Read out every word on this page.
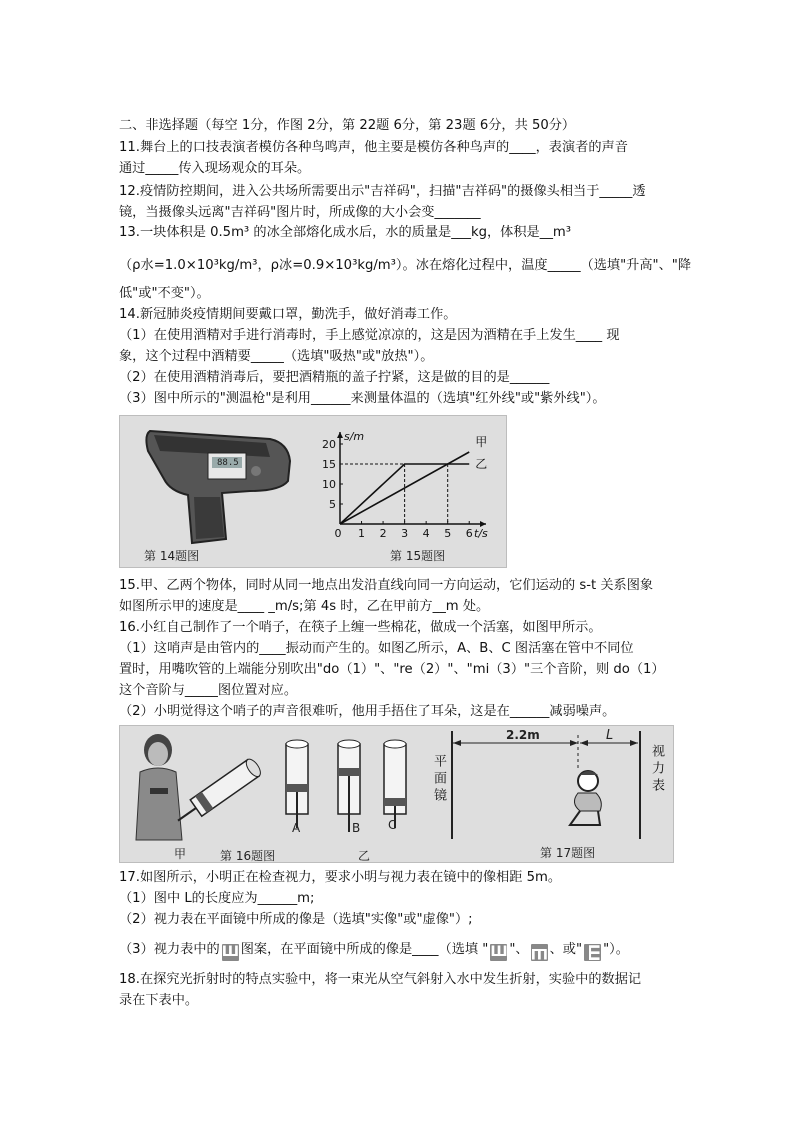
二、非选择题（每空 1分，作图 2分，第 22题 6分，第 23题 6分，共 50分）
11.舞台上的口技表演者模仿各种鸟鸣声，他主要是模仿各种鸟声的____，表演者的声音
通过_____传入现场观众的耳朵。
12.疫情防控期间，进入公共场所需要出示"吉祥码"，扫描"吉祥码"的摄像头相当于_____透
镜，当摄像头远离"吉祥码"图片时，所成像的大小会变_______
13.一块体积是 0.5m³ 的冰全部熔化成水后，水的质量是___kg，体积是__m³
（ρ水=1.0×10³kg/m³，ρ冰=0.9×10³kg/m³）。冰在熔化过程中，温度_____（选填"升高"、"降
低"或"不变"）。
14.新冠肺炎疫情期间要戴口罩，勤洗手，做好消毒工作。
（1）在使用酒精对手进行消毒时，手上感觉凉凉的，这是因为酒精在手上发生____ 现
象，这个过程中酒精要_____（选填"吸热"或"放热"）。
（2）在使用酒精消毒后，要把酒精瓶的盖子拧紧，这是做的目的是______
（3）图中所示的"测温枪"是利用______来测量体温的（选填"红外线"或"紫外线"）。
88.5
第 14题图
20
15
10
5
0 1 2 3 4 5 6
s/m
t/s
甲
乙
第 15题图
15.甲、乙两个物体，同时从同一地点出发沿直线向同一方向运动，它们运动的 s-t 关系图象
如图所示甲的速度是____ _m/s;第 4s 时，乙在甲前方__m 处。
16.小红自己制作了一个哨子，在筷子上缠一些棉花，做成一个活塞，如图甲所示。
（1）这哨声是由管内的____振动而产生的。如图乙所示，A、B、C 图活塞在管中不同位
置时，用嘴吹管的上端能分别吹出"do（1）"、"re（2）"、"mi（3）"三个音阶，则 do（1）
这个音阶与_____图位置对应。
（2）小明觉得这个哨子的声音很难听，他用手捂住了耳朵，这是在______减弱噪声。
A	B C
甲	第 16题图	乙
平面镜
2.2m	L
视力表
第 17题图
17.如图所示，小明正在检查视力，要求小明与视力表在镜中的像相距 5m。
（1）图中 L的长度应为______m;
（2）视力表在平面镜中所成的像是（选填"实像"或"虚像"）;
（3）视力表中的 Ш 图案，在平面镜中所成的像是____（选填 " Ш "、 Ш 、或" Ш "）。
18.在探究光折射时的特点实验中，将一束光从空气斜射入水中发生折射，实验中的数据记
录在下表中。
